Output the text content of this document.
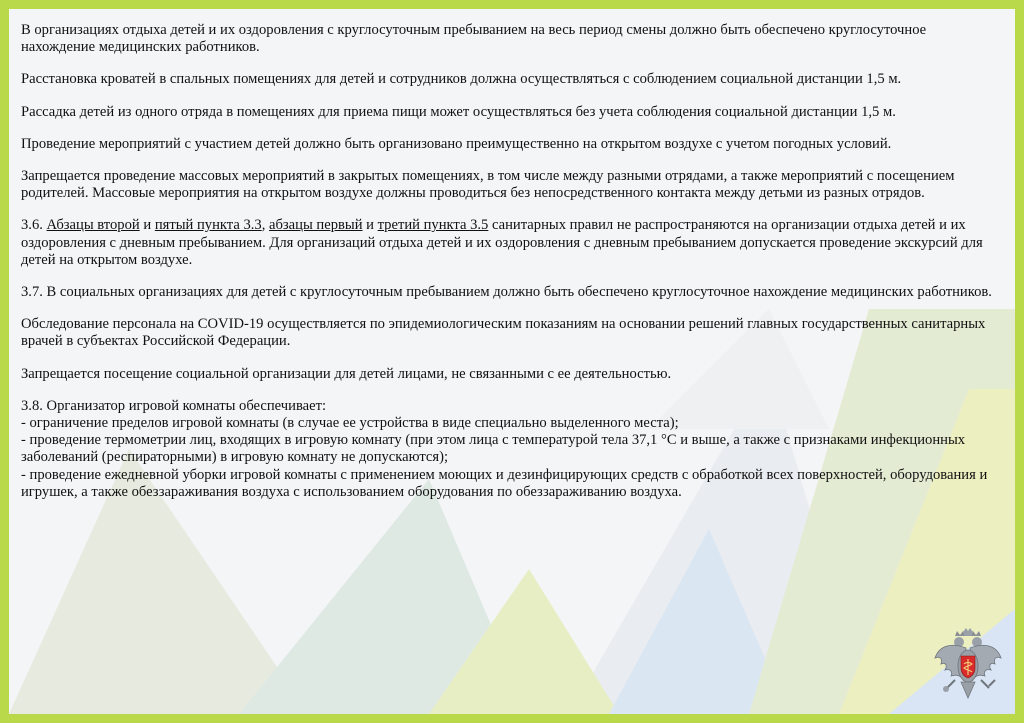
В организациях отдыха детей и их оздоровления с круглосуточным пребыванием на весь период смены должно быть обеспечено круглосуточное нахождение медицинских работников.

Расстановка кроватей в спальных помещениях для детей и сотрудников должна осуществляться с соблюдением социальной дистанции 1,5 м.

Рассадка детей из одного отряда в помещениях для приема пищи может осуществляться без учета соблюдения социальной дистанции 1,5 м.

Проведение мероприятий с участием детей должно быть организовано преимущественно на открытом воздухе с учетом погодных условий.

Запрещается проведение массовых мероприятий в закрытых помещениях, в том числе между разными отрядами, а также мероприятий с посещением родителей. Массовые мероприятия на открытом воздухе должны проводиться без непосредственного контакта между детьми из разных отрядов.

3.6. Абзацы второй и пятый пункта 3.3, абзацы первый и третий пункта 3.5 санитарных правил не распространяются на организации отдыха детей и их оздоровления с дневным пребыванием. Для организаций отдыха детей и их оздоровления с дневным пребыванием допускается проведение экскурсий для детей на открытом воздухе.

3.7. В социальных организациях для детей с круглосуточным пребыванием должно быть обеспечено круглосуточное нахождение медицинских работников.

Обследование персонала на COVID-19 осуществляется по эпидемиологическим показаниям на основании решений главных государственных санитарных врачей в субъектах Российской Федерации.

Запрещается посещение социальной организации для детей лицами, не связанными с ее деятельностью.

3.8. Организатор игровой комнаты обеспечивает:

- ограничение пределов игровой комнаты (в случае ее устройства в виде специально выделенного места);

- проведение термометрии лиц, входящих в игровую комнату (при этом лица с температурой тела 37,1 °С и выше, а также с признаками инфекционных заболеваний (респираторными) в игровую комнату не допускаются);

- проведение ежедневной уборки игровой комнаты с применением моющих и дезинфицирующих средств с обработкой всех поверхностей, оборудования и игрушек, а также обеззараживания воздуха с использованием оборудования по обеззараживанию воздуха.
